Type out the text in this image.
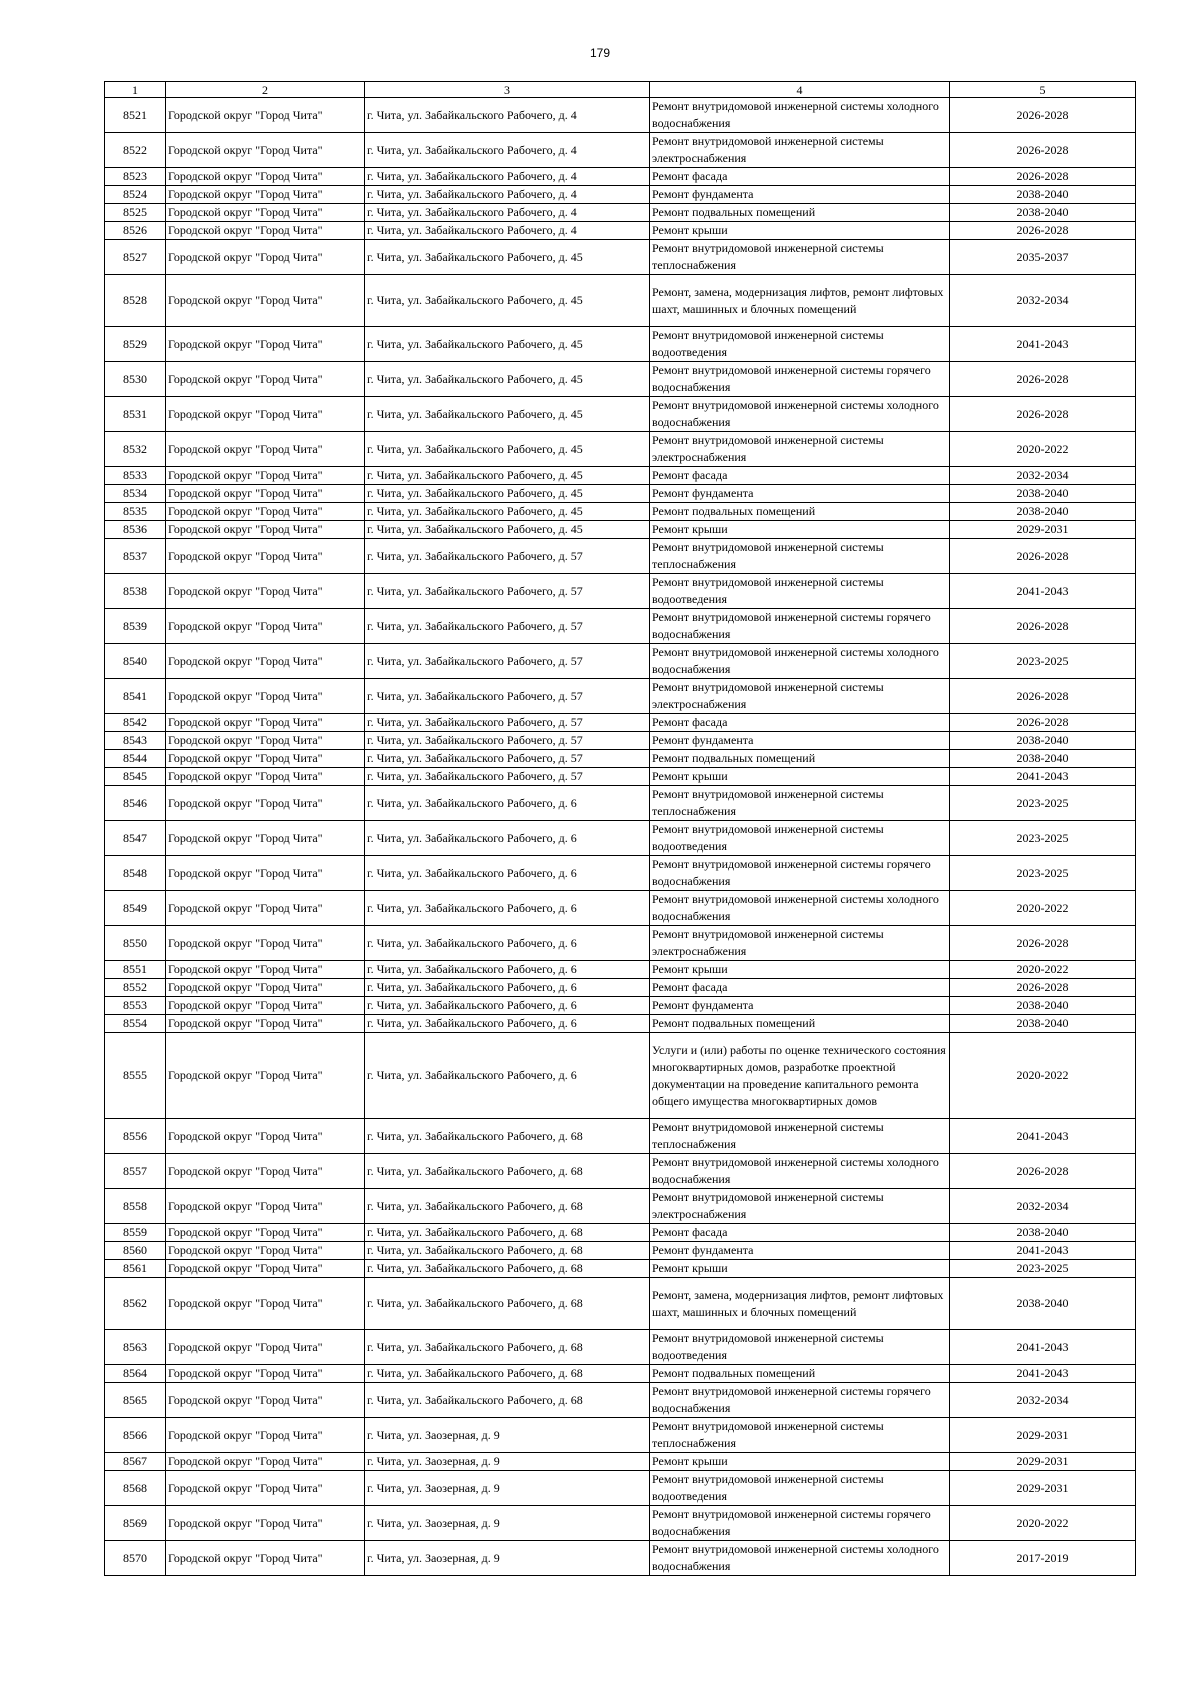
179
1	2	3	4	5
8521	Городской округ "Город Чита"	г. Чита, ул. Забайкальского Рабочего, д. 4	Ремонт внутридомовой инженерной системы холодного водоснабжения	2026-2028
8522	Городской округ "Город Чита"	г. Чита, ул. Забайкальского Рабочего, д. 4	Ремонт внутридомовой инженерной системы электроснабжения	2026-2028
8523	Городской округ "Город Чита"	г. Чита, ул. Забайкальского Рабочего, д. 4	Ремонт фасада	2026-2028
8524	Городской округ "Город Чита"	г. Чита, ул. Забайкальского Рабочего, д. 4	Ремонт фундамента	2038-2040
8525	Городской округ "Город Чита"	г. Чита, ул. Забайкальского Рабочего, д. 4	Ремонт подвальных помещений	2038-2040
8526	Городской округ "Город Чита"	г. Чита, ул. Забайкальского Рабочего, д. 4	Ремонт крыши	2026-2028
8527	Городской округ "Город Чита"	г. Чита, ул. Забайкальского Рабочего, д. 45	Ремонт внутридомовой инженерной системы теплоснабжения	2035-2037
8528	Городской округ "Город Чита"	г. Чита, ул. Забайкальского Рабочего, д. 45	Ремонт, замена, модернизация лифтов, ремонт лифтовых шахт, машинных и блочных помещений	2032-2034
8529	Городской округ "Город Чита"	г. Чита, ул. Забайкальского Рабочего, д. 45	Ремонт внутридомовой инженерной системы водоотведения	2041-2043
8530	Городской округ "Город Чита"	г. Чита, ул. Забайкальского Рабочего, д. 45	Ремонт внутридомовой инженерной системы горячего водоснабжения	2026-2028
8531	Городской округ "Город Чита"	г. Чита, ул. Забайкальского Рабочего, д. 45	Ремонт внутридомовой инженерной системы холодного водоснабжения	2026-2028
8532	Городской округ "Город Чита"	г. Чита, ул. Забайкальского Рабочего, д. 45	Ремонт внутридомовой инженерной системы электроснабжения	2020-2022
8533	Городской округ "Город Чита"	г. Чита, ул. Забайкальского Рабочего, д. 45	Ремонт фасада	2032-2034
8534	Городской округ "Город Чита"	г. Чита, ул. Забайкальского Рабочего, д. 45	Ремонт фундамента	2038-2040
8535	Городской округ "Город Чита"	г. Чита, ул. Забайкальского Рабочего, д. 45	Ремонт подвальных помещений	2038-2040
8536	Городской округ "Город Чита"	г. Чита, ул. Забайкальского Рабочего, д. 45	Ремонт крыши	2029-2031
8537	Городской округ "Город Чита"	г. Чита, ул. Забайкальского Рабочего, д. 57	Ремонт внутридомовой инженерной системы теплоснабжения	2026-2028
8538	Городской округ "Город Чита"	г. Чита, ул. Забайкальского Рабочего, д. 57	Ремонт внутридомовой инженерной системы водоотведения	2041-2043
8539	Городской округ "Город Чита"	г. Чита, ул. Забайкальского Рабочего, д. 57	Ремонт внутридомовой инженерной системы горячего водоснабжения	2026-2028
8540	Городской округ "Город Чита"	г. Чита, ул. Забайкальского Рабочего, д. 57	Ремонт внутридомовой инженерной системы холодного водоснабжения	2023-2025
8541	Городской округ "Город Чита"	г. Чита, ул. Забайкальского Рабочего, д. 57	Ремонт внутридомовой инженерной системы электроснабжения	2026-2028
8542	Городской округ "Город Чита"	г. Чита, ул. Забайкальского Рабочего, д. 57	Ремонт фасада	2026-2028
8543	Городской округ "Город Чита"	г. Чита, ул. Забайкальского Рабочего, д. 57	Ремонт фундамента	2038-2040
8544	Городской округ "Город Чита"	г. Чита, ул. Забайкальского Рабочего, д. 57	Ремонт подвальных помещений	2038-2040
8545	Городской округ "Город Чита"	г. Чита, ул. Забайкальского Рабочего, д. 57	Ремонт крыши	2041-2043
8546	Городской округ "Город Чита"	г. Чита, ул. Забайкальского Рабочего, д. 6	Ремонт внутридомовой инженерной системы теплоснабжения	2023-2025
8547	Городской округ "Город Чита"	г. Чита, ул. Забайкальского Рабочего, д. 6	Ремонт внутридомовой инженерной системы водоотведения	2023-2025
8548	Городской округ "Город Чита"	г. Чита, ул. Забайкальского Рабочего, д. 6	Ремонт внутридомовой инженерной системы горячего водоснабжения	2023-2025
8549	Городской округ "Город Чита"	г. Чита, ул. Забайкальского Рабочего, д. 6	Ремонт внутридомовой инженерной системы холодного водоснабжения	2020-2022
8550	Городской округ "Город Чита"	г. Чита, ул. Забайкальского Рабочего, д. 6	Ремонт внутридомовой инженерной системы электроснабжения	2026-2028
8551	Городской округ "Город Чита"	г. Чита, ул. Забайкальского Рабочего, д. 6	Ремонт крыши	2020-2022
8552	Городской округ "Город Чита"	г. Чита, ул. Забайкальского Рабочего, д. 6	Ремонт фасада	2026-2028
8553	Городской округ "Город Чита"	г. Чита, ул. Забайкальского Рабочего, д. 6	Ремонт фундамента	2038-2040
8554	Городской округ "Город Чита"	г. Чита, ул. Забайкальского Рабочего, д. 6	Ремонт подвальных помещений	2038-2040
8555	Городской округ "Город Чита"	г. Чита, ул. Забайкальского Рабочего, д. 6	Услуги и (или) работы по оценке технического состояния многоквартирных домов, разработке проектной документации на проведение капитального ремонта общего имущества многоквартирных домов	2020-2022
8556	Городской округ "Город Чита"	г. Чита, ул. Забайкальского Рабочего, д. 68	Ремонт внутридомовой инженерной системы теплоснабжения	2041-2043
8557	Городской округ "Город Чита"	г. Чита, ул. Забайкальского Рабочего, д. 68	Ремонт внутридомовой инженерной системы холодного водоснабжения	2026-2028
8558	Городской округ "Город Чита"	г. Чита, ул. Забайкальского Рабочего, д. 68	Ремонт внутридомовой инженерной системы электроснабжения	2032-2034
8559	Городской округ "Город Чита"	г. Чита, ул. Забайкальского Рабочего, д. 68	Ремонт фасада	2038-2040
8560	Городской округ "Город Чита"	г. Чита, ул. Забайкальского Рабочего, д. 68	Ремонт фундамента	2041-2043
8561	Городской округ "Город Чита"	г. Чита, ул. Забайкальского Рабочего, д. 68	Ремонт крыши	2023-2025
8562	Городской округ "Город Чита"	г. Чита, ул. Забайкальского Рабочего, д. 68	Ремонт, замена, модернизация лифтов, ремонт лифтовых шахт, машинных и блочных помещений	2038-2040
8563	Городской округ "Город Чита"	г. Чита, ул. Забайкальского Рабочего, д. 68	Ремонт внутридомовой инженерной системы водоотведения	2041-2043
8564	Городской округ "Город Чита"	г. Чита, ул. Забайкальского Рабочего, д. 68	Ремонт подвальных помещений	2041-2043
8565	Городской округ "Город Чита"	г. Чита, ул. Забайкальского Рабочего, д. 68	Ремонт внутридомовой инженерной системы горячего водоснабжения	2032-2034
8566	Городской округ "Город Чита"	г. Чита, ул. Заозерная, д. 9	Ремонт внутридомовой инженерной системы теплоснабжения	2029-2031
8567	Городской округ "Город Чита"	г. Чита, ул. Заозерная, д. 9	Ремонт крыши	2029-2031
8568	Городской округ "Город Чита"	г. Чита, ул. Заозерная, д. 9	Ремонт внутридомовой инженерной системы водоотведения	2029-2031
8569	Городской округ "Город Чита"	г. Чита, ул. Заозерная, д. 9	Ремонт внутридомовой инженерной системы горячего водоснабжения	2020-2022
8570	Городской округ "Город Чита"	г. Чита, ул. Заозерная, д. 9	Ремонт внутридомовой инженерной системы холодного водоснабжения	2017-2019
